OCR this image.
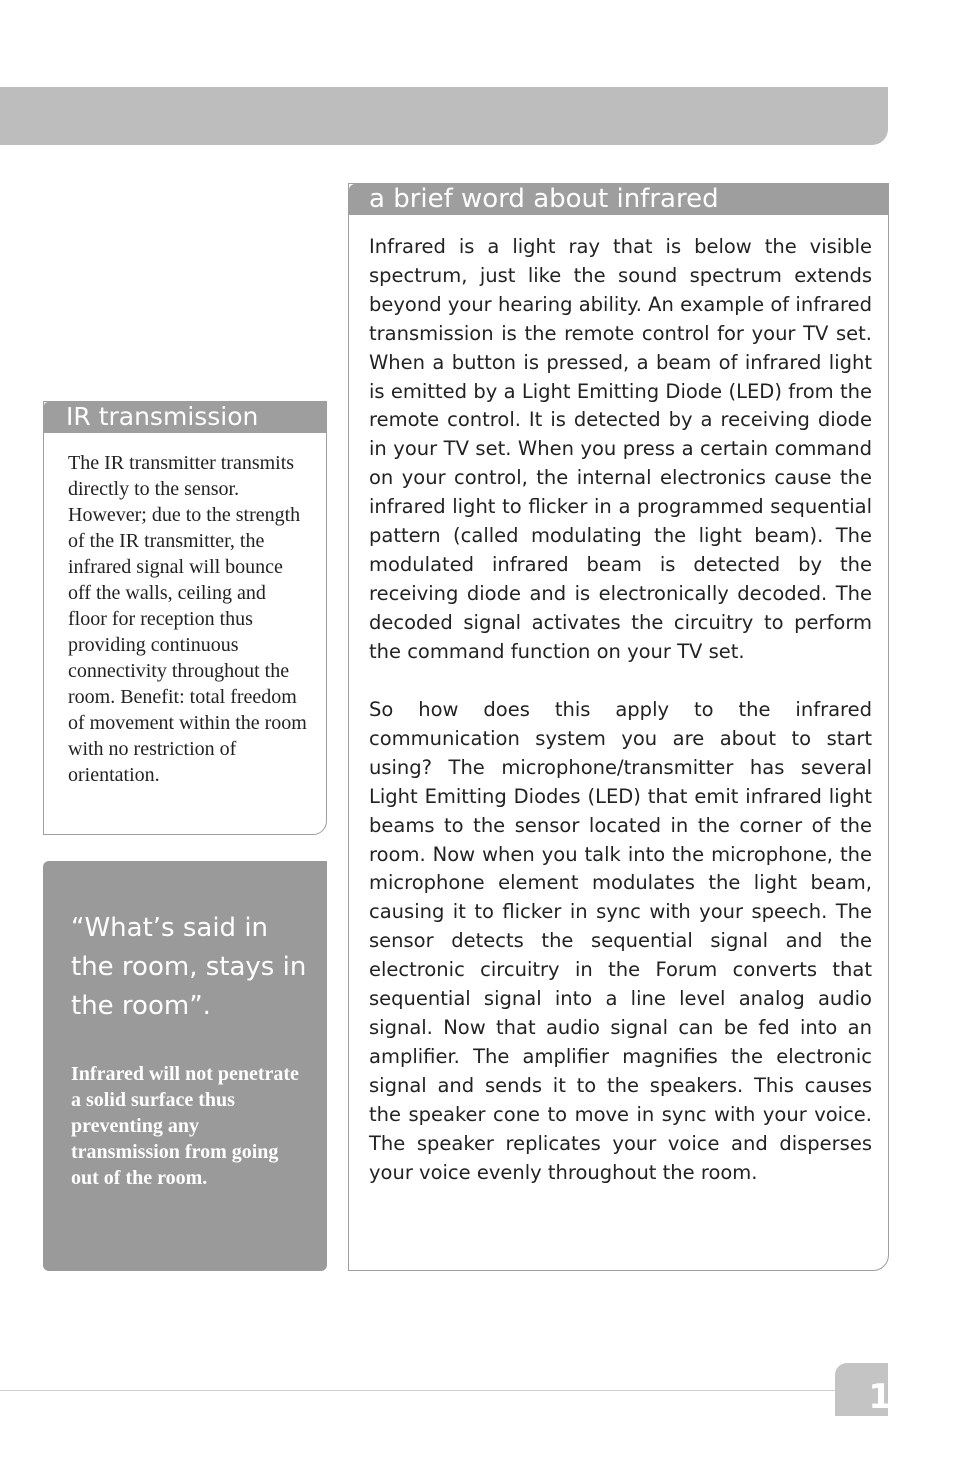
IR transmission

The IR transmitter transmits directly to the sensor. However; due to the strength of the IR transmitter, the infrared signal will bounce off the walls, ceiling and floor for reception thus providing continuous connectivity throughout the room. Benefit: total freedom of movement within the room with no restriction of orientation.

“What’s said in the room, stays in the room”.

Infrared will not penetrate a solid surface thus preventing any transmission from going out of the room.

a brief word about infrared

Infrared is a light ray that is below the visible spectrum, just like the sound spectrum extends beyond your hearing ability. An example of infrared transmission is the remote control for your TV set. When a button is pressed, a beam of infrared light is emitted by a Light Emitting Diode (LED) from the remote control. It is detected by a receiving diode in your TV set. When you press a certain command on your control, the internal electronics cause the infrared light to flicker in a programmed sequential pattern (called modulating the light beam). The modulated infrared beam is detected by the receiving diode and is electronically decoded. The decoded signal activates the circuitry to perform the command function on your TV set.

So how does this apply to the infrared communication system you are about to start using? The microphone/transmitter has several Light Emitting Diodes (LED) that emit infrared light beams to the sensor located in the corner of the room. Now when you talk into the microphone, the microphone element modulates the light beam, causing it to flicker in sync with your speech. The sensor detects the sequential signal and the electronic circuitry in the Forum converts that sequential signal into a line level analog audio signal. Now that audio signal can be fed into an amplifier. The amplifier magnifies the electronic signal and sends it to the speakers. This causes the speaker cone to move in sync with your voice. The speaker replicates your voice and disperses your voice evenly throughout the room.

1
